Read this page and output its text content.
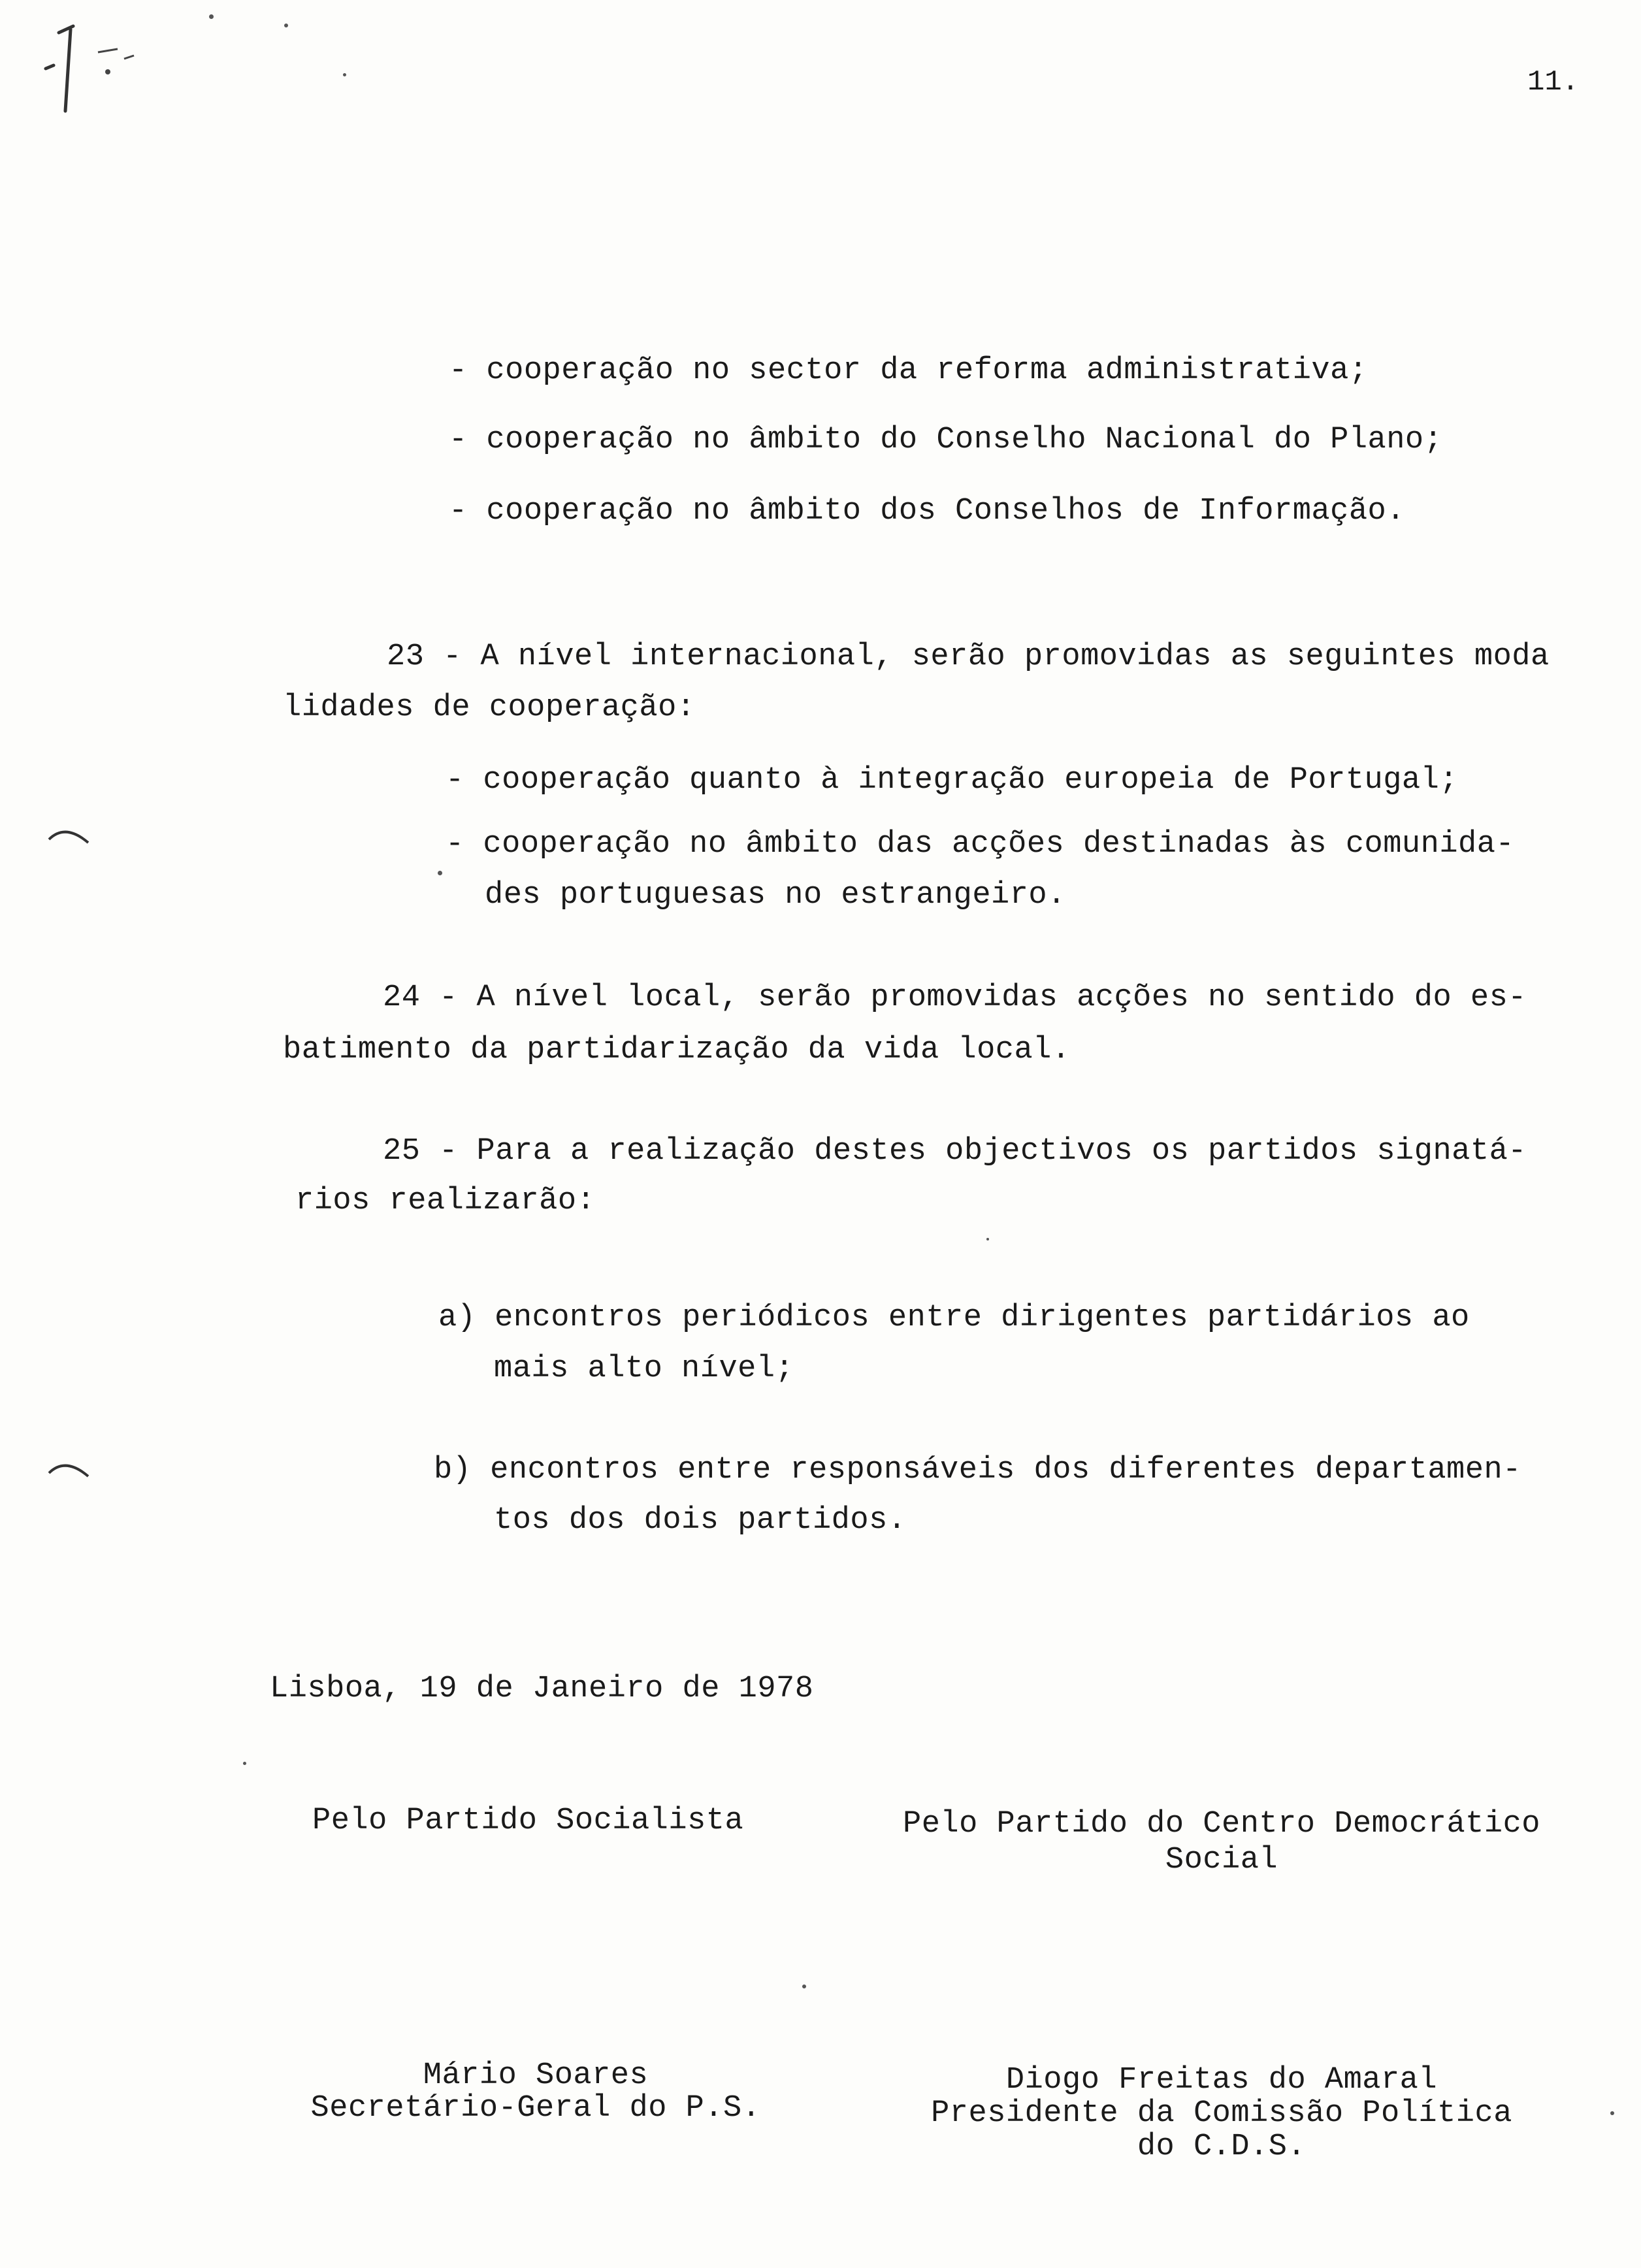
11.
- cooperação no sector da reforma administrativa;
- cooperação no âmbito do Conselho Nacional do Plano;
- cooperação no âmbito dos Conselhos de Informação.
23 - A nível internacional, serão promovidas as seguintes moda
lidades de cooperação:
- cooperação quanto à integração europeia de Portugal;
- cooperação no âmbito das acções destinadas às comunida-
des portuguesas no estrangeiro.
24 - A nível local, serão promovidas acções no sentido do es-
batimento da partidarização da vida local.
25 - Para a realização destes objectivos os partidos signatá-
rios realizarão:
a) encontros periódicos entre dirigentes partidários ao
mais alto nível;
b) encontros entre responsáveis dos diferentes departamen-
tos dos dois partidos.
Lisboa, 19 de Janeiro de 1978
Pelo Partido Socialista	Pelo Partido do Centro Democrático
Social
Mário Soares
Secretário-Geral do P.S.
Diogo Freitas do Amaral
Presidente da Comissão Política
do C.D.S.
